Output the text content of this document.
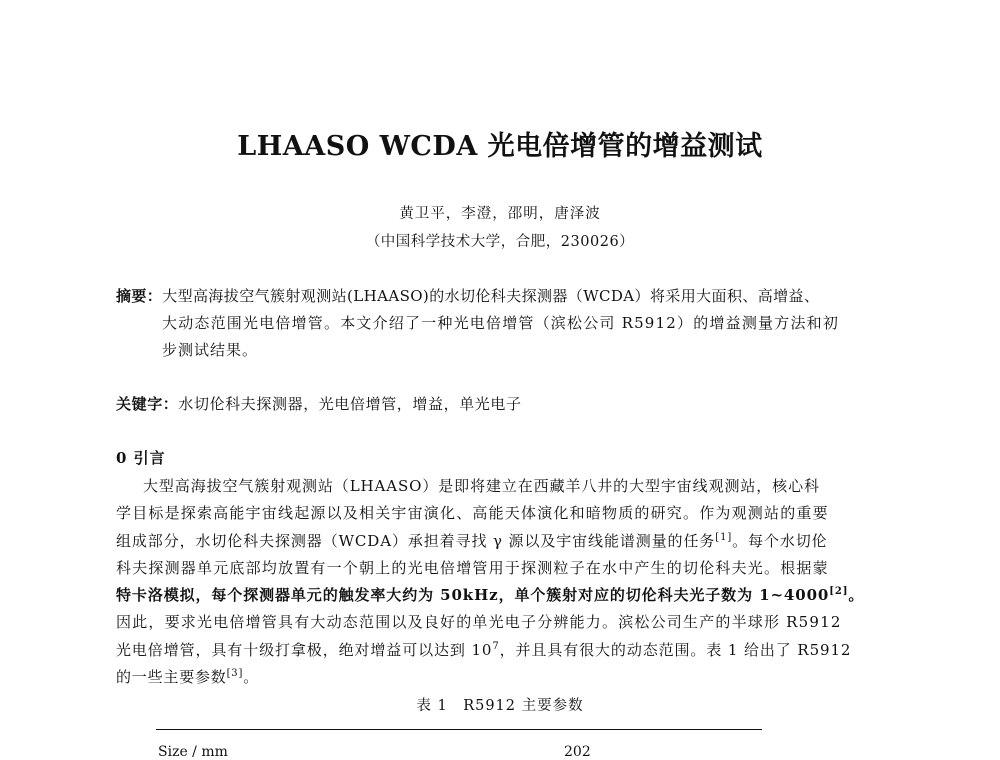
LHAASO WCDA 光电倍增管的增益测试
黄卫平，李澄，邵明，唐泽波
（中国科学技术大学，合肥，230026）
摘要：大型高海拔空气簇射观测站(LHAASO)的水切伦科夫探测器（WCDA）将采用大面积、高增益、
大动态范围光电倍增管。本文介绍了一种光电倍增管（滨松公司 R5912）的增益测量方法和初
步测试结果。
关键字：水切伦科夫探测器，光电倍增管，增益，单光电子
0 引言
大型高海拔空气簇射观测站（LHAASO）是即将建立在西藏羊八井的大型宇宙线观测站，核心科
学目标是探索高能宇宙线起源以及相关宇宙演化、高能天体演化和暗物质的研究。作为观测站的重要
组成部分，水切伦科夫探测器（WCDA）承担着寻找 γ 源以及宇宙线能谱测量的任务[1]。每个水切伦
科夫探测器单元底部均放置有一个朝上的光电倍增管用于探测粒子在水中产生的切伦科夫光。根据蒙
特卡洛模拟，每个探测器单元的触发率大约为 50kHz，单个簇射对应的切伦科夫光子数为 1~4000[2]。
因此，要求光电倍增管具有大动态范围以及良好的单光电子分辨能力。滨松公司生产的半球形 R5912
光电倍增管，具有十级打拿极，绝对增益可以达到 $10^7$，并且具有很大的动态范围。表 1 给出了 R5912
的一些主要参数[3]。
表 1　R5912 主要参数
Size / mm	202
